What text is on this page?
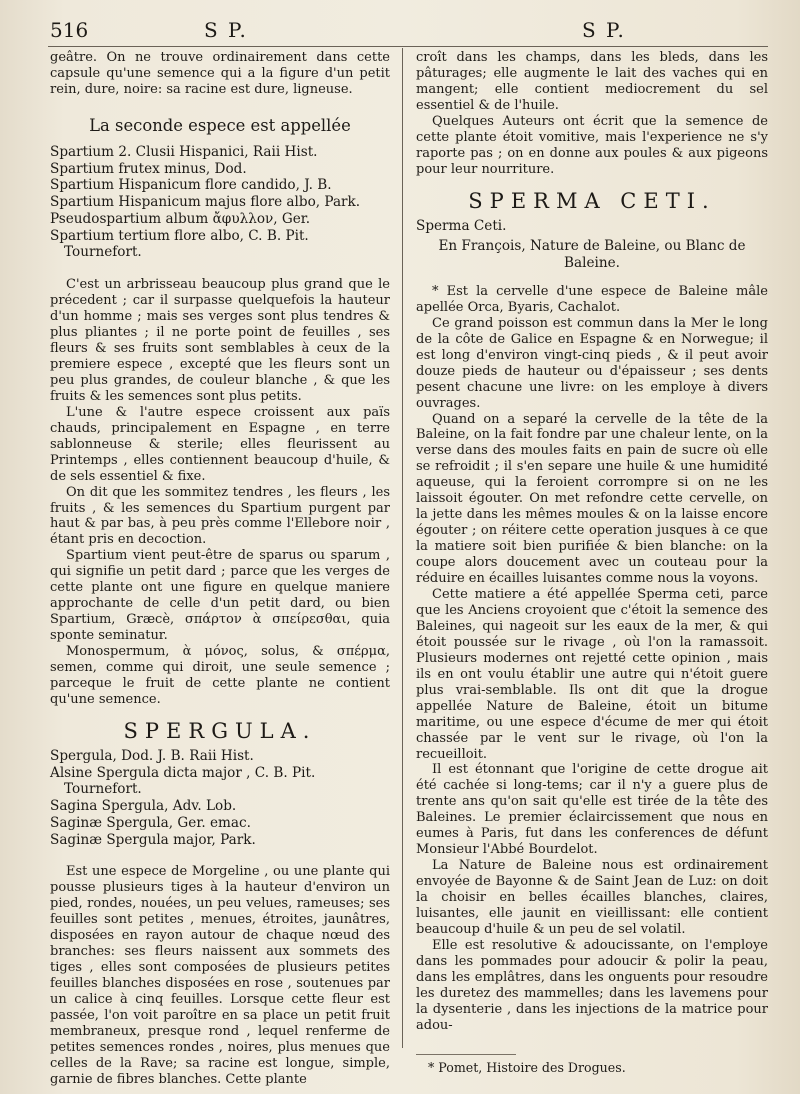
516	S P.	S P.

geâtre. On ne trouve ordinairement dans cette capsule qu'une semence qui a la figure d'un petit rein, dure, noire: sa racine est dure, ligneuse.

La seconde espece est appellée

Spartium 2. Clusii Hispanici, Raii Hist.

Spartium frutex minus, Dod.

Spartium Hispanicum flore candido, J. B.

Spartium Hispanicum majus flore albo, Park.

Pseudospartium album ἄφυλλον, Ger.

Spartium tertium flore albo, C. B. Pit. Tournefort.

C'est un arbrisseau beaucoup plus grand que le précedent ; car il surpasse quelquefois la hauteur d'un homme ; mais ses verges sont plus tendres & plus pliantes ; il ne porte point de feuilles , ses fleurs & ses fruits sont semblables à ceux de la premiere espece , excepté que les fleurs sont un peu plus grandes, de couleur blanche , & que les fruits & les semences sont plus petits.

L'une & l'autre espece croissent aux païs chauds, principalement en Espagne , en terre sablonneuse & sterile; elles fleurissent au Printemps , elles contiennent beaucoup d'huile, & de sels essentiel & fixe.

On dit que les sommitez tendres , les fleurs , les fruits , & les semences du Spartium purgent par haut & par bas, à peu près comme l'Ellebore noir , étant pris en decoction.

Spartium vient peut-être de sparus ou sparum , qui signifie un petit dard ; parce que les verges de cette plante ont une figure en quelque maniere approchante de celle d'un petit dard, ou bien Spartium, Græcè, σπάρτον ὰ σπείρεσθαι, quia sponte seminatur.

Monospermum, ὰ μόνος, solus, & σπέρμα, semen, comme qui diroit, une seule semence ; parceque le fruit de cette plante ne contient qu'une semence.

SPERGULA.

Spergula, Dod. J. B. Raii Hist.

Alsine Spergula dicta major , C. B. Pit. Tournefort.

Sagina Spergula, Adv. Lob.

Saginæ Spergula, Ger. emac.

Saginæ Spergula major, Park.

Est une espece de Morgeline , ou une plante qui pousse plusieurs tiges à la hauteur d'environ un pied, rondes, nouées, un peu velues, rameuses; ses feuilles sont petites , menues, étroites, jaunâtres, disposées en rayon autour de chaque nœud des branches: ses fleurs naissent aux sommets des tiges , elles sont composées de plusieurs petites feuilles blanches disposées en rose , soutenues par un calice à cinq feuilles. Lorsque cette fleur est passée, l'on voit paroître en sa place un petit fruit membraneux, presque rond , lequel renferme de petites semences rondes , noires, plus menues que celles de la Rave; sa racine est longue, simple, garnie de fibres blanches. Cette plante

croît dans les champs, dans les bleds, dans les pâturages; elle augmente le lait des vaches qui en mangent; elle contient mediocrement du sel essentiel & de l'huile.

Quelques Auteurs ont écrit que la semence de cette plante étoit vomitive, mais l'experience ne s'y raporte pas ; on en donne aux poules & aux pigeons pour leur nourriture.

SPERMA CETI.

Sperma Ceti.

En François, Nature de Baleine, ou Blanc de Baleine.

* Est la cervelle d'une espece de Baleine mâle apellée Orca, Byaris, Cachalot.

Ce grand poisson est commun dans la Mer le long de la côte de Galice en Espagne & en Norwegue; il est long d'environ vingt-cinq pieds , & il peut avoir douze pieds de hauteur ou d'épaisseur ; ses dents pesent chacune une livre: on les employe à divers ouvrages.

Quand on a separé la cervelle de la tête de la Baleine, on la fait fondre par une chaleur lente, on la verse dans des moules faits en pain de sucre où elle se refroidit ; il s'en separe une huile & une humidité aqueuse, qui la feroient corrompre si on ne les laissoit égouter. On met refondre cette cervelle, on la jette dans les mêmes moules & on la laisse encore égouter ; on réitere cette operation jusques à ce que la matiere soit bien purifiée & bien blanche: on la coupe alors doucement avec un couteau pour la réduire en écailles luisantes comme nous la voyons.

Cette matiere a été appellée Sperma ceti, parce que les Anciens croyoient que c'étoit la semence des Baleines, qui nageoit sur les eaux de la mer, & qui étoit poussée sur le rivage , où l'on la ramassoit. Plusieurs modernes ont rejetté cette opinion , mais ils en ont voulu établir une autre qui n'étoit guere plus vrai-semblable. Ils ont dit que la drogue appellée Nature de Baleine, étoit un bitume maritime, ou une espece d'écume de mer qui étoit chassée par le vent sur le rivage, où l'on la recueilloit.

Il est étonnant que l'origine de cette drogue ait été cachée si long-tems; car il n'y a guere plus de trente ans qu'on sait qu'elle est tirée de la tête des Baleines. Le premier éclaircissement que nous en eumes à Paris, fut dans les conferences de défunt Monsieur l'Abbé Bourdelot.

La Nature de Baleine nous est ordinairement envoyée de Bayonne & de Saint Jean de Luz: on doit la choisir en belles écailles blanches, claires, luisantes, elle jaunit en vieillissant: elle contient beaucoup d'huile & un peu de sel volatil.

Elle est resolutive & adoucissante, on l'employe dans les pommades pour adoucir & polir la peau, dans les emplâtres, dans les onguents pour resoudre les duretez des mammelles; dans les lavemens pour la dysenterie , dans les injections de la matrice pour adou-

* Pomet, Histoire des Drogues.
